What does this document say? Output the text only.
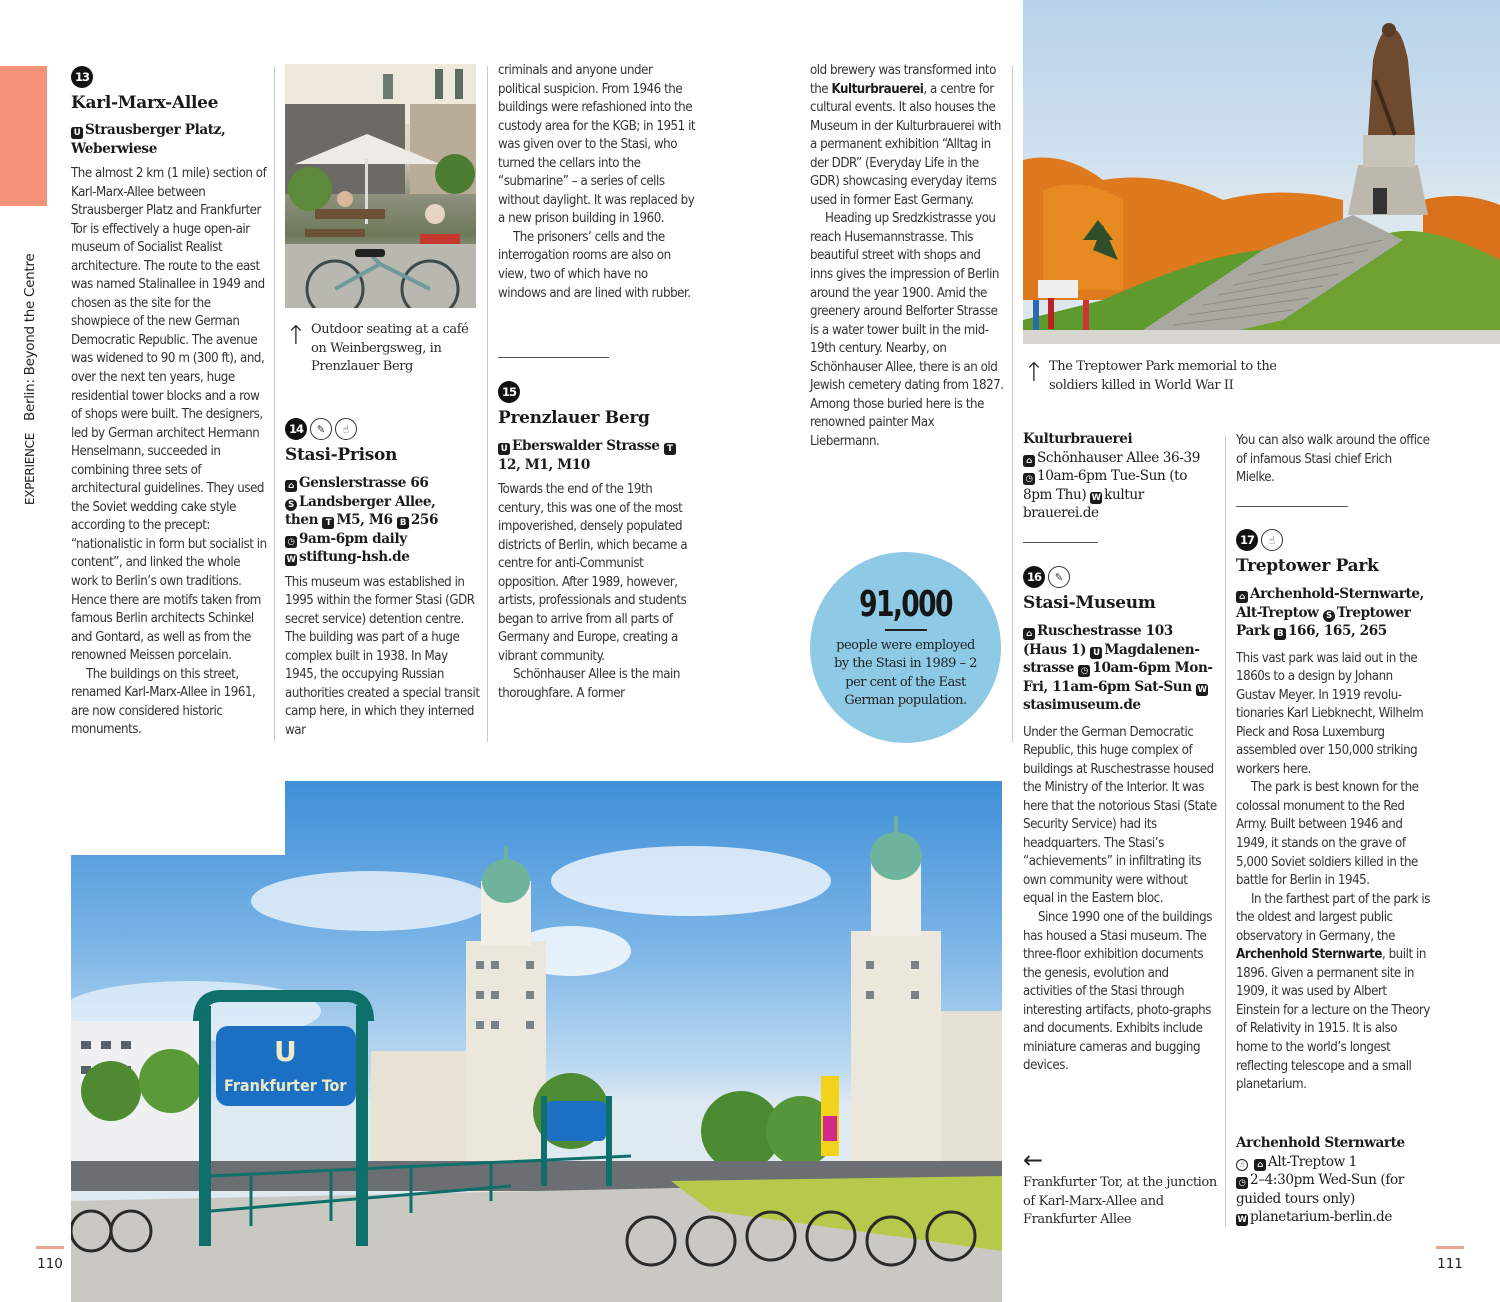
EXPERIENCE   Berlin: Beyond the Centre
13
Karl-Marx-Allee
U Strausberger Platz, Weberwiese

The almost 2 km (1 mile) section of Karl-Marx-Allee between Strausberger Platz and Frankfurter Tor is effectively a huge open-air museum of Socialist Realist architecture. The route to the east was named Stalinallee in 1949 and chosen as the site for the showpiece of the new German Democratic Republic. The avenue was widened to 90 m (300 ft), and, over the next ten years, huge residential tower blocks and a row of shops were built. The designers, led by German architect Hermann Henselmann, succeeded in combining three sets of architectural guidelines. They used the Soviet wedding cake style according to the precept: “nationalistic in form but socialist in content”, and linked the whole work to Berlin’s own traditions. Hence there are motifs taken from famous Berlin architects Schinkel and Gontard, as well as from the renowned Meissen porcelain.

The buildings on this street, renamed Karl-Marx-Allee in 1961, are now considered historic monuments.

↑ Outdoor seating at a café on Weinbergsweg, in Prenzlauer Berg
14 ✎ ☝
Stasi-Prison
⌂ Genslerstrasse 66
S Landsberger Allee,
then T M5, M6 B 256
◷ 9am-6pm daily
W stiftung-hsh.de

This museum was established in 1995 within the former Stasi (GDR secret service) detention centre. The building was part of a huge complex built in 1938. In May 1945, the occupying Russian authorities created a special transit camp here, in which they interned war

criminals and anyone under political suspicion. From 1946 the buildings were refashioned into the custody area for the KGB; in 1951 it was given over to the Stasi, who turned the cellars into the “submarine” – a series of cells without daylight. It was replaced by a new prison building in 1960.

The prisoners’ cells and the interrogation rooms are also on view, two of which have no windows and are lined with rubber.

15
Prenzlauer Berg
U Eberswalder Strasse T12, M1, M10

Towards the end of the 19th century, this was one of the most impoverished, densely populated districts of Berlin, which became a centre for anti-Communist opposition. After 1989, however, artists, professionals and students began to arrive from all parts of Germany and Europe, creating a vibrant community.

Schönhauser Allee is the main thoroughfare. A former

old brewery was transformed into the Kulturbrauerei, a centre for cultural events. It also houses the Museum in der Kulturbrauerei with a permanent exhibition “Alltag in der DDR” (Everyday Life in the GDR) showcasing everyday items used in former East Germany.

Heading up Sredzkistrasse you reach Husemannstrasse. This beautiful street with shops and inns gives the impression of Berlin around the year 1900. Amid the greenery around Belforter Strasse is a water tower built in the mid-19th century. Nearby, on Schönhauser Allee, there is an old Jewish cemetery dating from 1827. Among those buried here is the renowned painter Max Liebermann.

91,000
people were employed by the Stasi in 1989 – 2 per cent of the East German population.
↑ The Treptower Park memorial to the soldiers killed in World War II
Kulturbrauerei
⌂ Schönhauser Allee 36-39
◷ 10am-6pm Tue-Sun (to 8pm Thu) W kultur brauerei.de
16 ✎
Stasi-Museum
⌂ Ruschestrasse 103 (Haus 1) U Magdalenen-strasse ◷ 10am-6pm Mon-Fri, 11am-6pm Sat-Sun Wstasimuseum.de

Under the German Democratic Republic, this huge complex of buildings at Ruschestrasse housed the Ministry of the Interior. It was here that the notorious Stasi (State Security Service) had its headquarters. The Stasi’s “achievements” in infiltrating its own community were without equal in the Eastern bloc.

Since 1990 one of the buildings has housed a Stasi museum. The three-floor exhibition documents the genesis, evolution and activities of the Stasi through interesting artifacts, photo-graphs and documents. Exhibits include miniature cameras and bugging devices.

←
Frankfurter Tor, at the junction of Karl-Marx-Allee and Frankfurter Allee

You can also walk around the office of infamous Stasi chief Erich Mielke.

17 ☝
Treptower Park
⌂ Archenhold-Sternwarte, Alt-Treptow S Treptower Park B 166, 165, 265

This vast park was laid out in the 1860s to a design by Johann Gustav Meyer. In 1919 revolu-tionaries Karl Liebknecht, Wilhelm Pieck and Rosa Luxemburg assembled over 150,000 striking workers here.

The park is best known for the colossal monument to the Red Army. Built between 1946 and 1949, it stands on the grave of 5,000 Soviet soldiers killed in the battle for Berlin in 1945.

In the farthest part of the park is the oldest and largest public observatory in Germany, the Archenhold Sternwarte, built in 1896. Given a permanent site in 1909, it was used by Albert Einstein for a lecture on the Theory of Relativity in 1915. It is also home to the world’s longest reflecting telescope and a small planetarium.

Archenhold Sternwarte
☝ ⌂ Alt-Treptow 1
◷ 2–4:30pm Wed-Sun (for guided tours only)
W planetarium-berlin.de
U
Frankfurter Tor
110	111
